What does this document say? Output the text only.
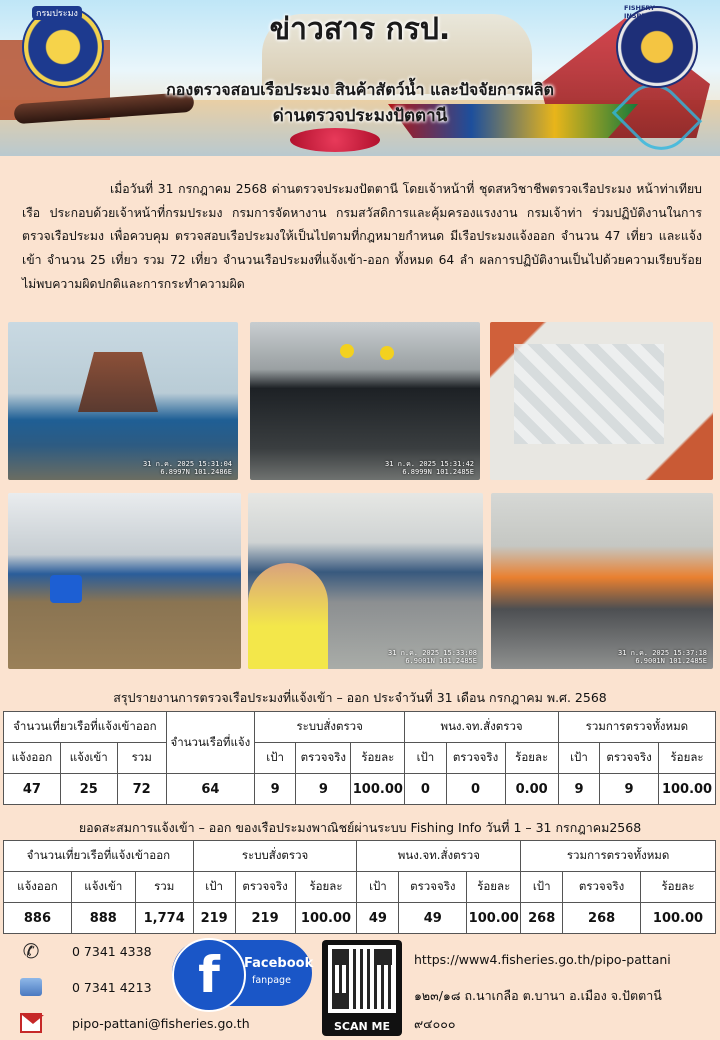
กรมประมง
FISHERY INSPECTION
ข่าวสาร กรป.
กองตรวจสอบเรือประมง สินค้าสัตว์น้ำ และปัจจัยการผลิต
ด่านตรวจประมงปัตตานี
เมื่อวันที่ 31 กรกฎาคม 2568 ด่านตรวจประมงปัตตานี โดยเจ้าหน้าที่ ชุดสหวิชาชีพตรวจเรือประมง หน้าท่าเทียบเรือ ประกอบด้วยเจ้าหน้าที่กรมประมง กรมการจัดหางาน กรมสวัสดิการและคุ้มครองแรงงาน กรมเจ้าท่า ร่วมปฏิบัติงานในการตรวจเรือประมง เพื่อควบคุม ตรวจสอบเรือประมงให้เป็นไปตามที่กฎหมายกำหนด มีเรือประมงแจ้งออก จำนวน 47 เที่ยว และแจ้งเข้า จำนวน 25 เที่ยว รวม 72 เที่ยว จำนวนเรือประมงที่แจ้งเข้า-ออก ทั้งหมด 64 ลำ ผลการปฏิบัติงานเป็นไปด้วยความเรียบร้อย ไม่พบความผิดปกติและการกระทำความผิด
31 ก.ค. 2025 15:31:04
6.8997N 101.2486E
31 ก.ค. 2025 15:31:42
6.8999N 101.2485E
31 ก.ค. 2025 15:33:08
6.9001N 101.2485E
31 ก.ค. 2025 15:37:18
6.9001N 101.2485E
สรุปรายงานการตรวจเรือประมงที่แจ้งเข้า – ออก ประจำวันที่ 31 เดือน กรกฎาคม พ.ศ. 2568
จำนวนเที่ยวเรือที่แจ้งเข้าออก			จำนวนเรือที่แจ้ง	ระบบสั่งตรวจ			พนง.จท.สั่งตรวจ			รวมการตรวจทั้งหมด		
แจ้งออก	แจ้งเข้า	รวม		เป้า	ตรวจจริง	ร้อยละ	เป้า	ตรวจจริง	ร้อยละ	เป้า	ตรวจจริง	ร้อยละ
47	25	72	64	9	9	100.00	0	0	0.00	9	9	100.00
ยอดสะสมการแจ้งเข้า – ออก ของเรือประมงพาณิชย์ผ่านระบบ Fishing Info วันที่ 1 – 31 กรกฎาคม2568
จำนวนเที่ยวเรือที่แจ้งเข้าออก			ระบบสั่งตรวจ			พนง.จท.สั่งตรวจ			รวมการตรวจทั้งหมด		
แจ้งออก	แจ้งเข้า	รวม	เป้า	ตรวจจริง	ร้อยละ	เป้า	ตรวจจริง	ร้อยละ	เป้า	ตรวจจริง	ร้อยละ
886	888	1,774	219	219	100.00	49	49	100.00	268	268	100.00
✆	0 7341 4338
0 7341 4213
pipo-pattani@fisheries.go.th
f	Facebook
fanpage
SCAN ME
https://www4.fisheries.go.th/pipo-pattani
๑๒๓/๑๘ ถ.นาเกลือ ต.บานา อ.เมือง จ.ปัตตานี
๙๔๐๐๐
